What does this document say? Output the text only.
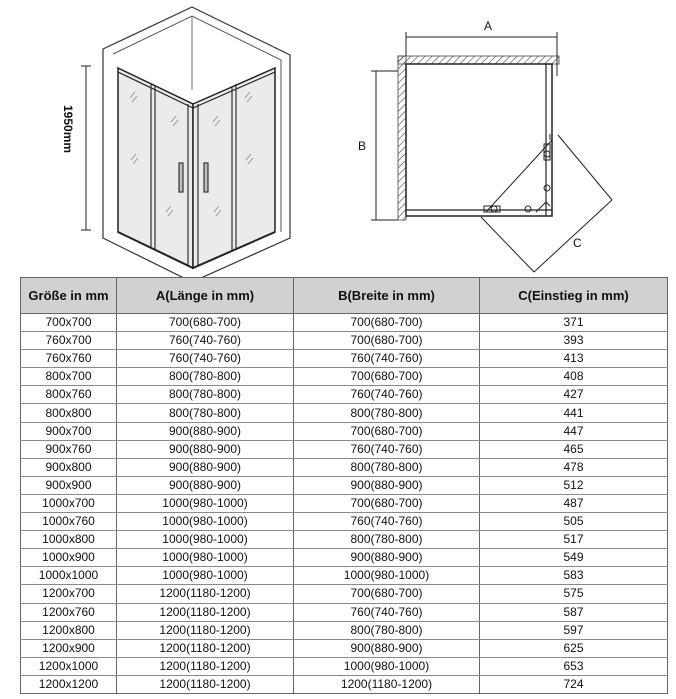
1950mm
A
B
C
Größe in mm	A(Länge in mm)	B(Breite in mm)	C(Einstieg in mm)
700x700	700(680-700)	700(680-700)	371
760x700	760(740-760)	700(680-700)	393
760x760	760(740-760)	760(740-760)	413
800x700	800(780-800)	700(680-700)	408
800x760	800(780-800)	760(740-760)	427
800x800	800(780-800)	800(780-800)	441
900x700	900(880-900)	700(680-700)	447
900x760	900(880-900)	760(740-760)	465
900x800	900(880-900)	800(780-800)	478
900x900	900(880-900)	900(880-900)	512
1000x700	1000(980-1000)	700(680-700)	487
1000x760	1000(980-1000)	760(740-760)	505
1000x800	1000(980-1000)	800(780-800)	517
1000x900	1000(980-1000)	900(880-900)	549
1000x1000	1000(980-1000)	1000(980-1000)	583
1200x700	1200(1180-1200)	700(680-700)	575
1200x760	1200(1180-1200)	760(740-760)	587
1200x800	1200(1180-1200)	800(780-800)	597
1200x900	1200(1180-1200)	900(880-900)	625
1200x1000	1200(1180-1200)	1000(980-1000)	653
1200x1200	1200(1180-1200)	1200(1180-1200)	724
